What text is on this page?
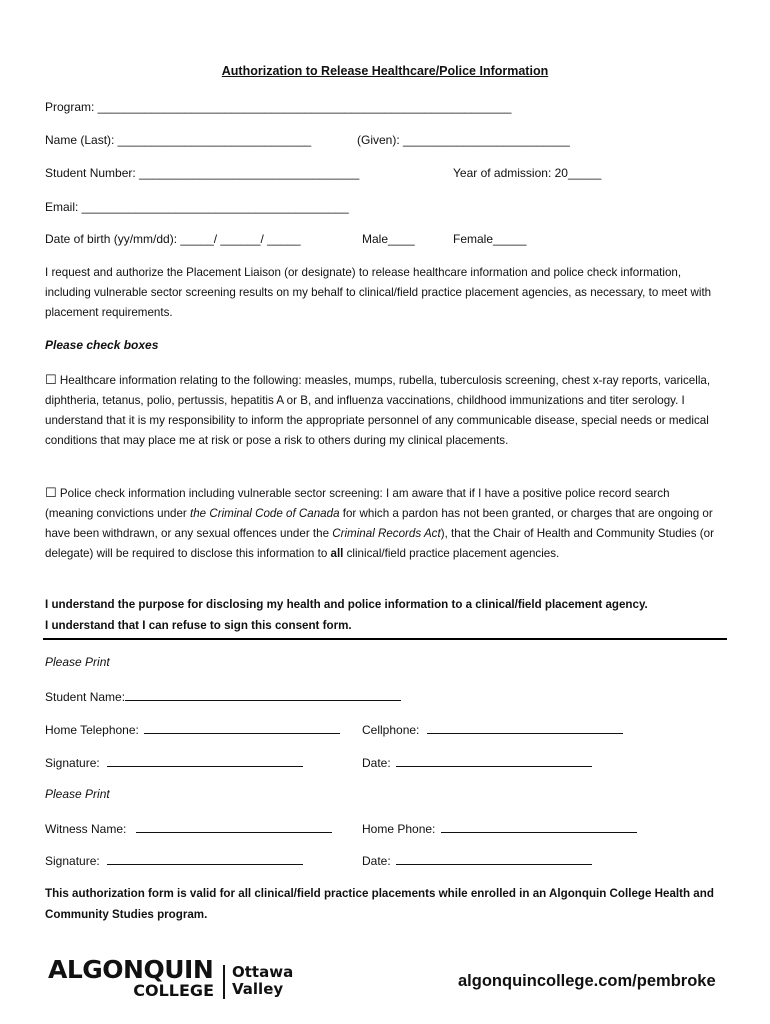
Authorization to Release Healthcare/Police Information
Program: ______________________________________________________________
Name (Last): _____________________________	(Given): _________________________
Student Number: _________________________________	Year of admission: 20_____
Email: ________________________________________
Date of birth (yy/mm/dd): _____/ ______/ _____	Male____	Female_____
I request and authorize the Placement Liaison (or designate) to release healthcare information and police check information, including vulnerable sector screening results on my behalf to clinical/field practice placement agencies, as necessary, to meet with placement requirements.
Please check boxes
☐ Healthcare information relating to the following: measles, mumps, rubella, tuberculosis screening, chest x-ray reports, varicella, diphtheria, tetanus, polio, pertussis, hepatitis A or B, and influenza vaccinations, childhood immunizations and titer serology. I understand that it is my responsibility to inform the appropriate personnel of any communicable disease, special needs or medical conditions that may place me at risk or pose a risk to others during my clinical placements.
☐ Police check information including vulnerable sector screening: I am aware that if I have a positive police record search (meaning convictions under the Criminal Code of Canada for which a pardon has not been granted, or charges that are ongoing or have been withdrawn, or any sexual offences under the Criminal Records Act), that the Chair of Health and Community Studies (or delegate) will be required to disclose this information to all clinical/field practice placement agencies.
I understand the purpose for disclosing my health and police information to a clinical/field placement agency.
I understand that I can refuse to sign this consent form.
Please Print
Student Name:
Home Telephone:	Cellphone:
Signature:	Date:
Please Print
Witness Name:	Home Phone:
Signature:	Date:
This authorization form is valid for all clinical/field practice placements while enrolled in an Algonquin College Health and Community Studies program.
ALGONQUIN
COLLEGE
Ottawa
Valley	algonquincollege.com/pembroke
